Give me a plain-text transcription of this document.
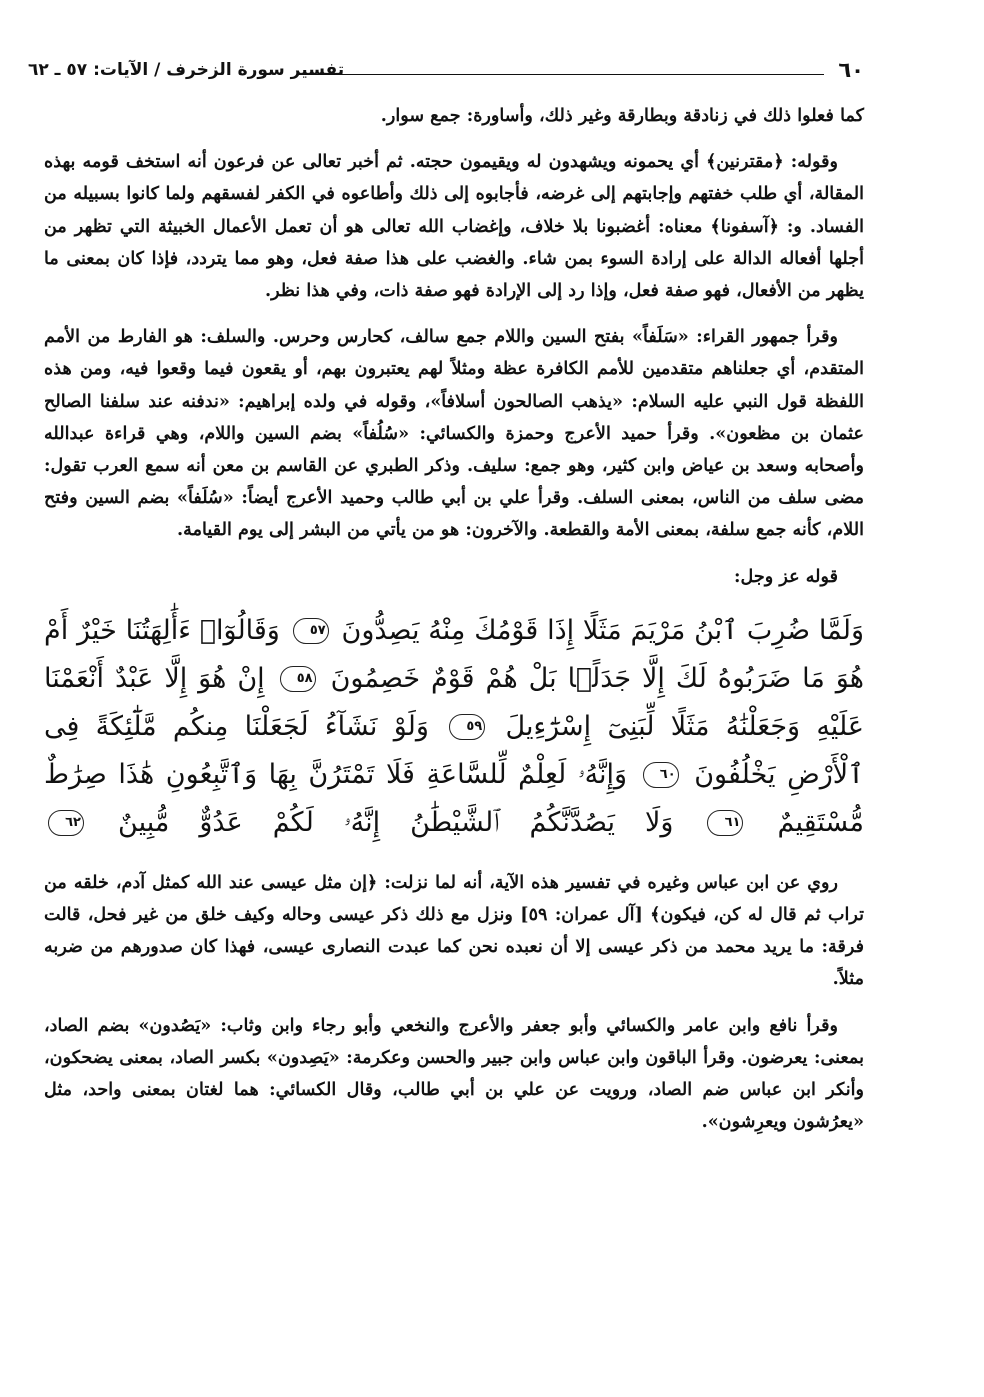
٦٠
تفسير سورة الزخرف / الآيات: ٥٧ ـ ٦٢

كما فعلوا ذلك في زنادقة وبطارقة وغير ذلك، وأساورة: جمع سوار.

وقوله: ﴿مقترنين﴾ أي يحمونه ويشهدون له ويقيمون حجته. ثم أخبر تعالى عن فرعون أنه استخف قومه بهذه المقالة، أي طلب خفتهم وإجابتهم إلى غرضه، فأجابوه إلى ذلك وأطاعوه في الكفر لفسقهم ولما كانوا بسبيله من الفساد. و: ﴿آسفونا﴾ معناه: أغضبونا بلا خلاف، وإغضاب الله تعالى هو أن تعمل الأعمال الخبيثة التي تظهر من أجلها أفعاله الدالة على إرادة السوء بمن شاء. والغضب على هذا صفة فعل، وهو مما يتردد، فإذا كان بمعنى ما يظهر من الأفعال، فهو صفة فعل، وإذا رد إلى الإرادة فهو صفة ذات، وفي هذا نظر.

وقرأ جمهور القراء: «سَلَفاً» بفتح السين واللام جمع سالف، كحارس وحرس. والسلف: هو الفارط من الأمم المتقدم، أي جعلناهم متقدمين للأمم الكافرة عظة ومثلاً لهم يعتبرون بهم، أو يقعون فيما وقعوا فيه، ومن هذه اللفظة قول النبي عليه السلام: «يذهب الصالحون أسلافاً»، وقوله في ولده إبراهيم: «ندفنه عند سلفنا الصالح عثمان بن مظعون». وقرأ حميد الأعرج وحمزة والكسائي: «سُلُفاً» بضم السين واللام، وهي قراءة عبدالله وأصحابه وسعد بن عياض وابن كثير، وهو جمع: سليف. وذكر الطبري عن القاسم بن معن أنه سمع العرب تقول: مضى سلف من الناس، بمعنى السلف. وقرأ علي بن أبي طالب وحميد الأعرج أيضاً: «سُلَفاً» بضم السين وفتح اللام، كأنه جمع سلفة، بمعنى الأمة والقطعة. والآخرون: هو من يأتي من البشر إلى يوم القيامة.

قوله عز وجل:

وَلَمَّا ضُرِبَ ٱبْنُ مَرْيَمَ مَثَلًا إِذَا قَوْمُكَ مِنْهُ يَصِدُّونَ ٥٧ وَقَالُوٓا۟ ءَأَٰلِهَتُنَا خَيْرٌ أَمْ هُوَ مَا ضَرَبُوهُ لَكَ إِلَّا جَدَلًۢا بَلْ هُمْ قَوْمٌ خَصِمُونَ ٥٨ إِنْ هُوَ إِلَّا عَبْدٌ أَنْعَمْنَا عَلَيْهِ وَجَعَلْنَٰهُ مَثَلًا لِّبَنِىٓ إِسْرَٰٓءِيلَ ٥٩ وَلَوْ نَشَآءُ لَجَعَلْنَا مِنكُم مَّلَٰٓئِكَةً فِى ٱلْأَرْضِ يَخْلُفُونَ ٦٠ وَإِنَّهُۥ لَعِلْمٌ لِّلسَّاعَةِ فَلَا تَمْتَرُنَّ بِهَا وَٱتَّبِعُونِ هَٰذَا صِرَٰطٌ مُّسْتَقِيمٌ ٦١ وَلَا يَصُدَّنَّكُمُ ٱلشَّيْطَٰنُ إِنَّهُۥ لَكُمْ عَدُوٌّ مُّبِينٌ ٦٢

روي عن ابن عباس وغيره في تفسير هذه الآية، أنه لما نزلت: ﴿إن مثل عيسى عند الله كمثل آدم، خلقه من تراب ثم قال له كن، فيكون﴾ [آل عمران: ٥٩] ونزل مع ذلك ذكر عيسى وحاله وكيف خلق من غير فحل، قالت فرقة: ما يريد محمد من ذكر عيسى إلا أن نعبده نحن كما عبدت النصارى عيسى، فهذا كان صدورهم من ضربه مثلاً.

وقرأ نافع وابن عامر والكسائي وأبو جعفر والأعرج والنخعي وأبو رجاء وابن وثاب: «يَصُدون» بضم الصاد، بمعنى: يعرضون. وقرأ الباقون وابن عباس وابن جبير والحسن وعكرمة: «يَصِدون» بكسر الصاد، بمعنى يضحكون، وأنكر ابن عباس ضم الصاد، ورويت عن علي بن أبي طالب، وقال الكسائي: هما لغتان بمعنى واحد، مثل «يعرُشون ويعرِشون».
